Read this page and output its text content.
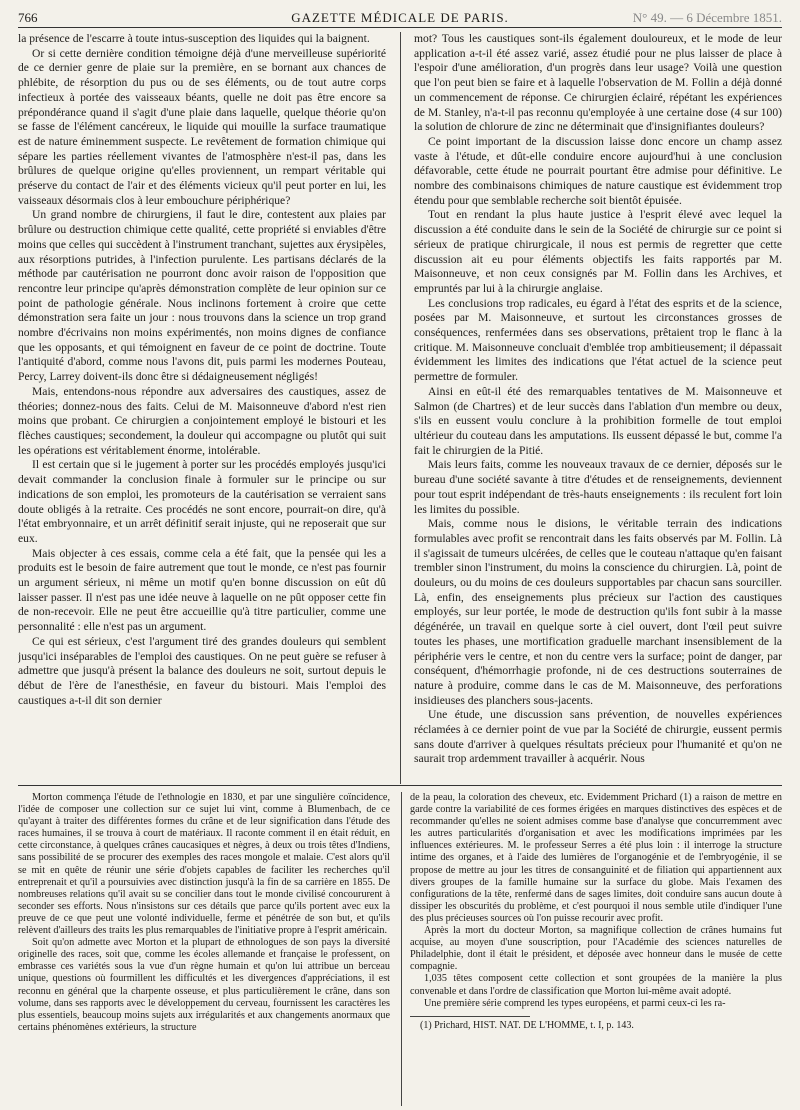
766	GAZETTE MÉDICALE DE PARIS.	N° 49. — 6 Décembre 1851.

la présence de l'escarre à toute intus-susception des liquides qui la baignent.

Or si cette dernière condition témoigne déjà d'une merveilleuse supériorité de ce dernier genre de plaie sur la première, en se bornant aux chances de phlébite, de résorption du pus ou de ses éléments, ou de tout autre corps infectieux à portée des vaisseaux béants, quelle ne doit pas être encore sa prépondérance quand il s'agit d'une plaie dans laquelle, quelque théorie qu'on se fasse de l'élément cancéreux, le liquide qui mouille la surface traumatique est de nature éminemment suspecte. Le revêtement de formation chimique qui sépare les parties réellement vivantes de l'atmosphère n'est-il pas, dans les brûlures de quelque origine qu'elles proviennent, un rempart véritable qui préserve du contact de l'air et des éléments vicieux qu'il peut porter en lui, les vaisseaux désormais clos à leur embouchure périphérique?

Un grand nombre de chirurgiens, il faut le dire, contestent aux plaies par brûlure ou destruction chimique cette qualité, cette propriété si enviables d'être moins que celles qui succèdent à l'instrument tranchant, sujettes aux érysipèles, aux résorptions putrides, à l'infection purulente. Les partisans déclarés de la méthode par cautérisation ne pourront donc avoir raison de l'opposition que rencontre leur principe qu'après démonstration complète de leur opinion sur ce point de pathologie générale. Nous inclinons fortement à croire que cette démonstration sera faite un jour : nous trouvons dans la science un trop grand nombre d'écrivains non moins expérimentés, non moins dignes de confiance que les opposants, et qui témoignent en faveur de ce point de doctrine. Toute l'antiquité d'abord, comme nous l'avons dit, puis parmi les modernes Pouteau, Percy, Larrey doivent-ils donc être si dédaigneusement négligés!

Mais, entendons-nous répondre aux adversaires des caustiques, assez de théories; donnez-nous des faits. Celui de M. Maisonneuve d'abord n'est rien moins que probant. Ce chirurgien a conjointement employé le bistouri et les flèches caustiques; secondement, la douleur qui accompagne ou plutôt qui suit les opérations est véritablement énorme, intolérable.

Il est certain que si le jugement à porter sur les procédés employés jusqu'ici devait commander la conclusion finale à formuler sur le principe ou sur indications de son emploi, les promoteurs de la cautérisation se verraient sans doute obligés à la retraite. Ces procédés ne sont encore, pourrait-on dire, qu'à l'état embryonnaire, et un arrêt définitif serait injuste, qui ne reposerait que sur eux.

Mais objecter à ces essais, comme cela a été fait, que la pensée qui les a produits est le besoin de faire autrement que tout le monde, ce n'est pas fournir un argument sérieux, ni même un motif qu'en bonne discussion on eût dû laisser passer. Il n'est pas une idée neuve à laquelle on ne pût opposer cette fin de non-recevoir. Elle ne peut être accueillie qu'à titre particulier, comme une personnalité : elle n'est pas un argument.

Ce qui est sérieux, c'est l'argument tiré des grandes douleurs qui semblent jusqu'ici inséparables de l'emploi des caustiques. On ne peut guère se refuser à admettre que jusqu'à présent la balance des douleurs ne soit, surtout depuis le début de l'ère de l'anesthésie, en faveur du bistouri. Mais l'emploi des caustiques a-t-il dit son dernier

mot? Tous les caustiques sont-ils également douloureux, et le mode de leur application a-t-il été assez varié, assez étudié pour ne plus laisser de place à l'espoir d'une amélioration, d'un progrès dans leur usage? Voilà une question que l'on peut bien se faire et à laquelle l'observation de M. Follin a déjà donné un commencement de réponse. Ce chirurgien éclairé, répétant les expériences de M. Stanley, n'a-t-il pas reconnu qu'employée à une certaine dose (4 sur 100) la solution de chlorure de zinc ne déterminait que d'insignifiantes douleurs?

Ce point important de la discussion laisse donc encore un champ assez vaste à l'étude, et dût-elle conduire encore aujourd'hui à une conclusion défavorable, cette étude ne pourrait pourtant être admise pour définitive. Le nombre des combinaisons chimiques de nature caustique est évidemment trop étendu pour que semblable recherche soit bientôt épuisée.

Tout en rendant la plus haute justice à l'esprit élevé avec lequel la discussion a été conduite dans le sein de la Société de chirurgie sur ce point si sérieux de pratique chirurgicale, il nous est permis de regretter que cette discussion ait eu pour éléments objectifs les faits rapportés par M. Maisonneuve, et non ceux consignés par M. Follin dans les Archives, et empruntés par lui à la chirurgie anglaise.

Les conclusions trop radicales, eu égard à l'état des esprits et de la science, posées par M. Maisonneuve, et surtout les circonstances grosses de conséquences, renfermées dans ses observations, prêtaient trop le flanc à la critique. M. Maisonneuve concluait d'emblée trop ambitieusement; il dépassait évidemment les limites des indications que l'état actuel de la science peut permettre de formuler.

Ainsi en eût-il été des remarquables tentatives de M. Maisonneuve et Salmon (de Chartres) et de leur succès dans l'ablation d'un membre ou deux, s'ils en eussent voulu conclure à la prohibition formelle de tout emploi ultérieur du couteau dans les amputations. Ils eussent dépassé le but, comme l'a fait le chirurgien de la Pitié.

Mais leurs faits, comme les nouveaux travaux de ce dernier, déposés sur le bureau d'une société savante à titre d'études et de renseignements, deviennent pour tout esprit indépendant de très-hauts enseignements : ils reculent fort loin les limites du possible.

Mais, comme nous le disions, le véritable terrain des indications formulables avec profit se rencontrait dans les faits observés par M. Follin. Là il s'agissait de tumeurs ulcérées, de celles que le couteau n'attaque qu'en faisant trembler sinon l'instrument, du moins la conscience du chirurgien. Là, point de douleurs, ou du moins de ces douleurs supportables par chacun sans sourciller. Là, enfin, des enseignements plus précieux sur l'action des caustiques employés, sur leur portée, le mode de destruction qu'ils font subir à la masse dégénérée, un travail en quelque sorte à ciel ouvert, dont l'œil peut suivre toutes les phases, une mortification graduelle marchant insensiblement de la périphérie vers le centre, et non du centre vers la surface; point de danger, par conséquent, d'hémorrhagie profonde, ni de ces destructions souterraines de nature à produire, comme dans le cas de M. Maisonneuve, des perforations insidieuses des planchers sous-jacents.

Une étude, une discussion sans prévention, de nouvelles expériences réclamées à ce dernier point de vue par la Société de chirurgie, eussent permis sans doute d'arriver à quelques résultats précieux pour l'humanité et qu'on ne saurait trop ardemment travailler à acquérir. Nous

Morton commença l'étude de l'ethnologie en 1830, et par une singulière coïncidence, l'idée de composer une collection sur ce sujet lui vint, comme à Blumenbach, de ce qu'ayant à traiter des différentes formes du crâne et de leur signification dans l'étude des races humaines, il se trouva à court de matériaux. Il raconte comment il en était réduit, en cette circonstance, à quelques crânes caucasiques et nègres, à deux ou trois têtes d'Indiens, sans possibilité de se procurer des exemples des races mongole et malaie. C'est alors qu'il se mit en quête de réunir une série d'objets capables de faciliter les recherches qu'il entreprenait et qu'il a poursuivies avec distinction jusqu'à la fin de sa carrière en 1855. De nombreuses relations qu'il avait su se concilier dans tout le monde civilisé concoururent à seconder ses efforts. Nous n'insistons sur ces détails que parce qu'ils portent avec eux la preuve de ce que peut une volonté individuelle, ferme et pénétrée de son but, et qu'ils relèvent d'ailleurs des traits les plus remarquables de l'initiative propre à l'esprit américain.

Soit qu'on admette avec Morton et la plupart de ethnologues de son pays la diversité originelle des races, soit que, comme les écoles allemande et française le professent, on embrasse ces variétés sous la vue d'un règne humain et qu'on lui attribue un berceau unique, questions où fourmillent les difficultés et les divergences d'appréciations, il est reconnu en général que la charpente osseuse, et plus particulièrement le crâne, dans son volume, dans ses rapports avec le développement du cerveau, fournissent les caractères les plus essentiels, beaucoup moins sujets aux irrégularités et aux changements anormaux que certains phénomènes extérieurs, la structure

de la peau, la coloration des cheveux, etc. Evidemment Prichard (1) a raison de mettre en garde contre la variabilité de ces formes érigées en marques distinctives des espèces et de recommander qu'elles ne soient admises comme base d'analyse que concurremment avec les autres particularités d'organisation et avec les modifications imprimées par les influences extérieures. M. le professeur Serres a été plus loin : il interroge la structure intime des organes, et à l'aide des lumières de l'organogénie et de l'embryogénie, il se propose de mettre au jour les titres de consanguinité et de filiation qui appartiennent aux divers groupes de la famille humaine sur la surface du globe. Mais l'examen des configurations de la tête, renfermé dans de sages limites, doit conduire sans aucun doute à dissiper les obscurités du problème, et c'est pourquoi il nous semble utile d'indiquer l'une des plus précieuses sources où l'on puisse recourir avec profit.

Après la mort du docteur Morton, sa magnifique collection de crânes humains fut acquise, au moyen d'une souscription, pour l'Académie des sciences naturelles de Philadelphie, dont il était le président, et déposée avec honneur dans le musée de cette compagnie.

1,035 têtes composent cette collection et sont groupées de la manière la plus convenable et dans l'ordre de classification que Morton lui-même avait adopté.

Une première série comprend les types européens, et parmi ceux-ci les ra-

(1) Prichard, HIST. NAT. DE L'HOMME, t. I, p. 143.
